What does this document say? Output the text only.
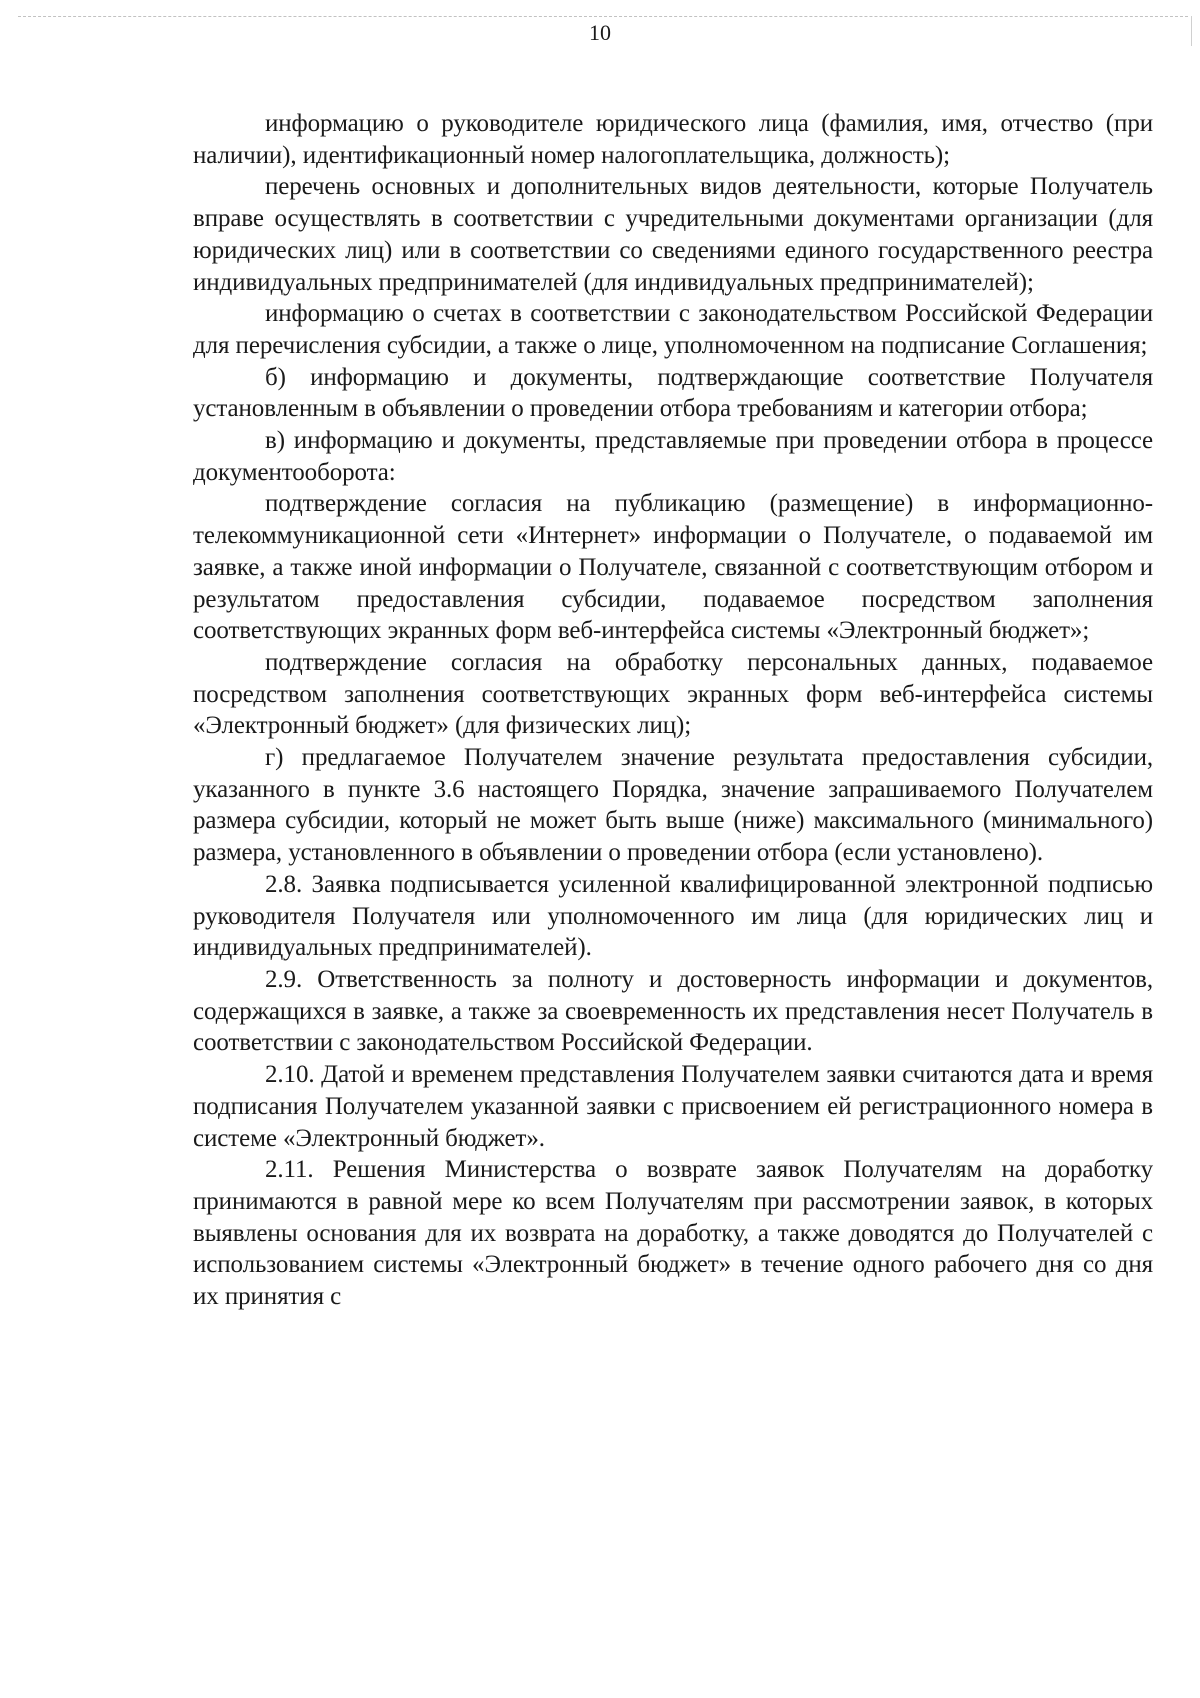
10

информацию о руководителе юридического лица (фамилия, имя, отчество (при наличии), идентификационный номер налогоплательщика, должность);

перечень основных и дополнительных видов деятельности, которые Получатель вправе осуществлять в соответствии с учредительными документами организации (для юридических лиц) или в соответствии со сведениями единого государственного реестра индивидуальных предпринимателей (для индивидуальных предпринимателей);

информацию о счетах в соответствии с законодательством Российской Федерации для перечисления субсидии, а также о лице, уполномоченном на подписание Соглашения;

б) информацию и документы, подтверждающие соответствие Получателя установленным в объявлении о проведении отбора требованиям и категории отбора;

в) информацию и документы, представляемые при проведении отбора в процессе документооборота:

подтверждение согласия на публикацию (размещение) в информационно-телекоммуникационной сети «Интернет» информации о Получателе, о подаваемой им заявке, а также иной информации о Получателе, связанной с соответствующим отбором и результатом предоставления субсидии, подаваемое посредством заполнения соответствующих экранных форм веб-интерфейса системы «Электронный бюджет»;

подтверждение согласия на обработку персональных данных, подаваемое посредством заполнения соответствующих экранных форм веб-интерфейса системы «Электронный бюджет» (для физических лиц);

г) предлагаемое Получателем значение результата предоставления субсидии, указанного в пункте 3.6 настоящего Порядка, значение запрашиваемого Получателем размера субсидии, который не может быть выше (ниже) максимального (минимального) размера, установленного в объявлении о проведении отбора (если установлено).

2.8. Заявка подписывается усиленной квалифицированной электронной подписью руководителя Получателя или уполномоченного им лица (для юридических лиц и индивидуальных предпринимателей).

2.9. Ответственность за полноту и достоверность информации и документов, содержащихся в заявке, а также за своевременность их представления несет Получатель в соответствии с законодательством Российской Федерации.

2.10. Датой и временем представления Получателем заявки считаются дата и время подписания Получателем указанной заявки с присвоением ей регистрационного номера в системе «Электронный бюджет».

2.11. Решения Министерства о возврате заявок Получателям на доработку принимаются в равной мере ко всем Получателям при рассмотрении заявок, в которых выявлены основания для их возврата на доработку, а также доводятся до Получателей с использованием системы «Электронный бюджет» в течение одного рабочего дня со дня их принятия с
